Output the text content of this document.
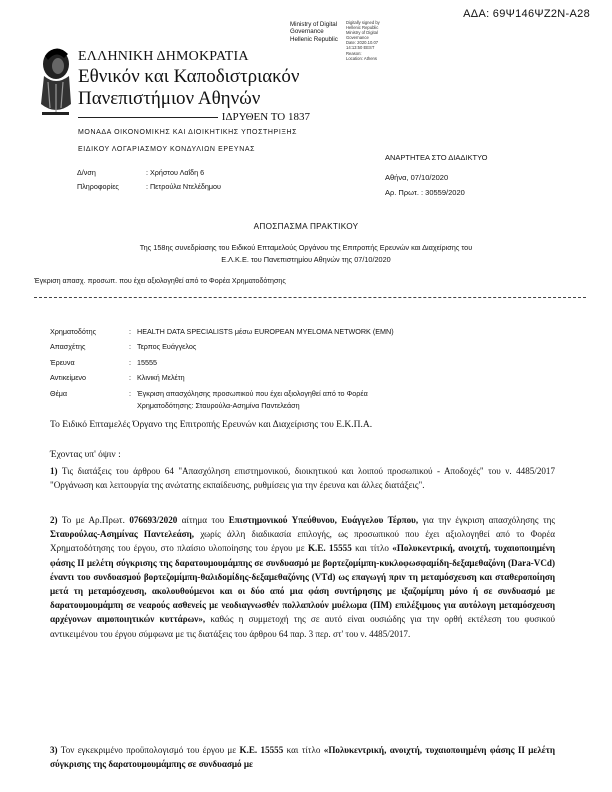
ΑΔΑ: 69Ψ146ΨΖ2Ν-Α28
Ministry of Digital
Governance
Hellenic Republic
Digitally signed by
Hellenic Republic
Ministry of Digital
Governance
Date: 2020.10.07
14:13:50 EEST
Reason:
Location: Athens
ΕΛΛΗΝΙΚΗ ΔΗΜΟΚΡΑΤΙΑ
Εθνικόν και Καποδιστριακόν
Πανεπιστήμιον Αθηνών
ΙΔΡΥΘΕΝ ΤΟ 1837
ΜΟΝΑΔΑ ΟΙΚΟΝΟΜΙΚΗΣ ΚΑΙ ΔΙΟΙΚΗΤΙΚΗΣ ΥΠΟΣΤΗΡΙΞΗΣ
ΕΙΔΙΚΟΥ ΛΟΓΑΡΙΑΣΜΟΥ ΚΟΝΔΥΛΙΩΝ ΕΡΕΥΝΑΣ
Δ/νση	: Χρήστου Λαΐδη 6
Πληροφορίες	: Πετρούλα Ντελέδημου
ΑΝΑΡΤΗΤΕΑ ΣΤΟ ΔΙΑΔΙΚΤΥΟ
Αθήνα, 07/10/2020
Αρ. Πρωτ. : 30559/2020
ΑΠΟΣΠΑΣΜΑ ΠΡΑΚΤΙΚΟΥ
Της 158ης συνεδρίασης του Ειδικού Επταμελούς Οργάνου της Επιτροπής Ερευνών και Διαχείρισης του
Ε.Λ.Κ.Ε. του Πανεπιστημίου Αθηνών της 07/10/2020
Έγκριση απασχ. προσωπ. που έχει αξιολογηθεί από το Φορέα Χρηματοδότησης
Χρηματοδότης	: HEALTH DATA SPECIALISTS μέσω EUROPEAN MYELOMA NETWORK (EMN)
Απασχέτης	: Τερπος Ευάγγελος
Έρευνα	: 15555
Αντικείμενο	: Κλινική Μελέτη
Θέμα	: Έγκριση απασχόλησης προσωπικού που έχει αξιολογηθεί από το Φορέα
Χρηματοδότησης: Σταυρούλα-Ασημίνα Παντελεάση
Το Ειδικό Επταμελές Όργανο της Επιτροπής Ερευνών και Διαχείρισης του Ε.Κ.Π.Α.
Έχοντας υπ' όψιν :
1) Τις διατάξεις του άρθρου 64 "Απασχόληση επιστημονικού, διοικητικού και λοιπού προσωπικού - Αποδοχές" του ν. 4485/2017 "Οργάνωση και λειτουργία της ανώτατης εκπαίδευσης, ρυθμίσεις για την έρευνα και άλλες διατάξεις".
2) Το με Αρ.Πρωτ. 076693/2020 αίτημα του Επιστημονικού Υπεύθυνου, Ευάγγελου Τέρπου, για την έγκριση απασχόλησης της Σταυρούλας-Ασημίνας Παντελεάση, χωρίς άλλη διαδικασία επιλογής, ως προσωπικού που έχει αξιολογηθεί από το Φορέα Χρηματοδότησης του έργου, στο πλαίσιο υλοποίησης του έργου με Κ.Ε. 15555 και τίτλο «Πολυκεντρική, ανοιχτή, τυχαιοποιημένη φάσης ΙΙ μελέτη σύγκρισης της δαρατουμουμάμπης σε συνδυασμό με βορτεζομίμπη-κυκλοφωσφαμίδη-δεξαμεθαζόνη (Dara-VCd) έναντι του συνδυασμού βορτεζομίμπη-θαλιδομίδης-δεξαμεθαζόνης (VTd) ως επαγωγή πριν τη μεταμόσχευση και σταθεροποίηση μετά τη μεταμόσχευση, ακολουθούμενοι και οι δύο από μια φάση συντήρησης με ιξαζομίμπη μόνο ή σε συνδυασμό με δαρατουμουμάμπη σε νεαρούς ασθενείς με νεοδιαγνωσθέν πολλαπλούν μυέλωμα (ΠΜ) επιλέξιμους για αυτόλογη μεταμόσχευση αρχέγονων αιμοποιητικών κυττάρων», καθώς η συμμετοχή της σε αυτό είναι ουσιώδης για την ορθή εκτέλεση του φυσικού αντικειμένου του έργου σύμφωνα με τις διατάξεις του άρθρου 64 παρ. 3 περ. στ' του ν. 4485/2017.
3) Τον εγκεκριμένο προϋπολογισμό του έργου με Κ.Ε. 15555 και τίτλο «Πολυκεντρική, ανοιχτή, τυχαιοποιημένη φάσης ΙΙ μελέτη σύγκρισης της δαρατουμουμάμπης σε συνδυασμό με
